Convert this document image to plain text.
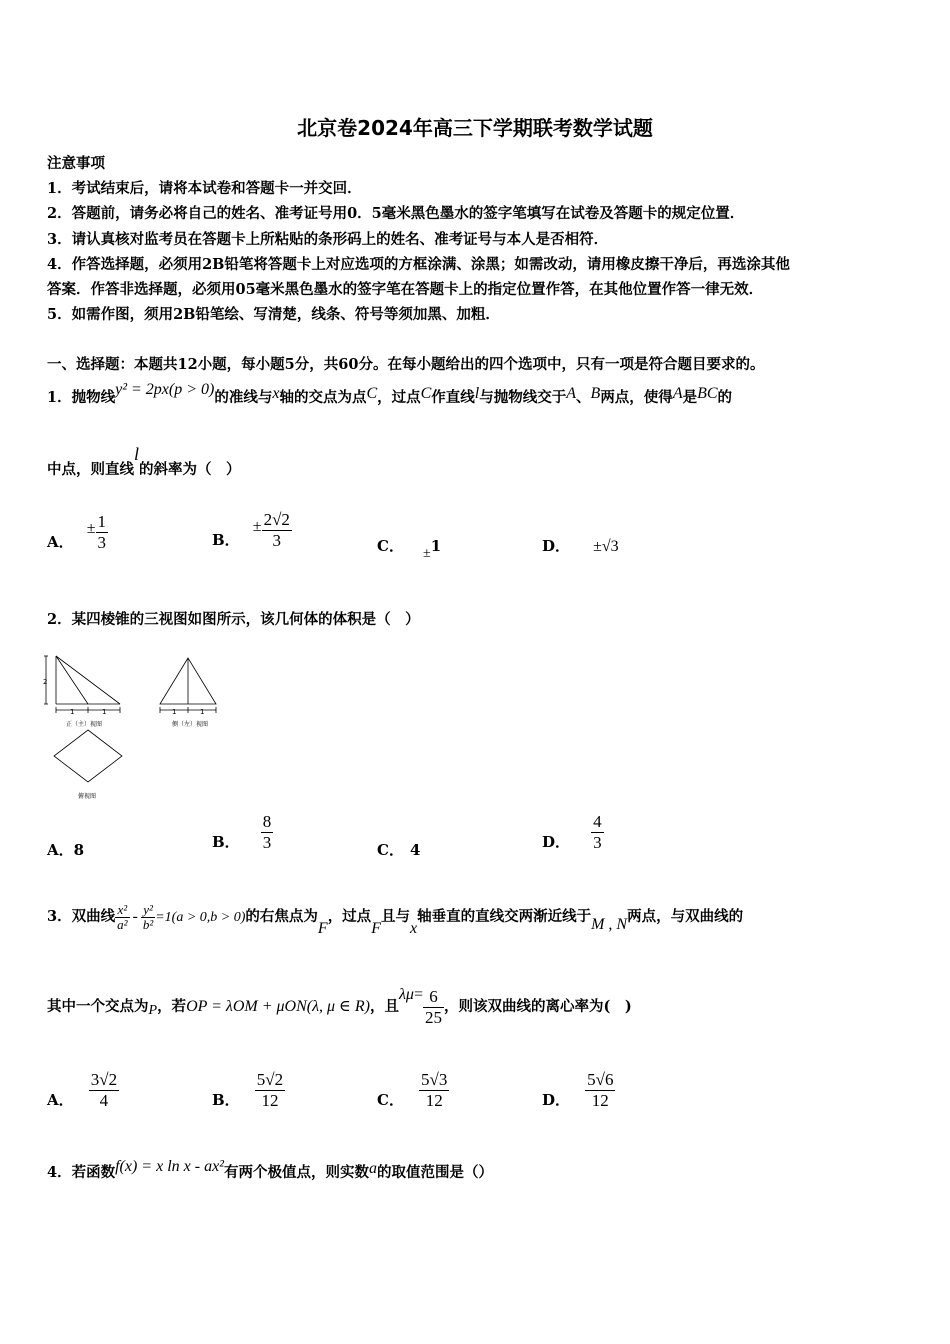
北京卷2024年高三下学期联考数学试题
注意事项
1．考试结束后，请将本试卷和答题卡一并交回．
2．答题前，请务必将自己的姓名、准考证号用0．5毫米黑色墨水的签字笔填写在试卷及答题卡的规定位置．
3．请认真核对监考员在答题卡上所粘贴的条形码上的姓名、准考证号与本人是否相符．
4．作答选择题，必须用2B铅笔将答题卡上对应选项的方框涂满、涂黑；如需改动，请用橡皮擦干净后，再选涂其他
答案．作答非选择题，必须用05毫米黑色墨水的签字笔在答题卡上的指定位置作答，在其他位置作答一律无效．
5．如需作图，须用2B铅笔绘、写清楚，线条、符号等须加黑、加粗．
一、选择题：本题共12小题，每小题5分，共60分。在每小题给出的四个选项中，只有一项是符合题目要求的。
1．抛物线y² = 2px(p > 0)的准线与x轴的交点为点C，过点C作直线l与抛物线交于A、B两点，使得A是BC的
中点，则直线l的斜率为（　）
A． ± $\frac{1}{3}$	B． ± $\frac{2√2}{3}$	C． ±1	D． ±√3
2．某四棱锥的三视图如图所示，该几何体的体积是（　）
2
1	1
正（主）视图
1	1
侧（左）视图
俯视图
A．8	B． $\frac{8}{3}$	C． 4	D． $\frac{4}{3}$
3．双曲线 $\frac{\text{x²}}{\text{a²}} - \frac{\text{y²}}{\text{b²}} =1(a > 0,b > 0)$的右焦点为F，过点F且与x轴垂直的直线交两渐近线于M , N两点，与双曲线的
其中一个交点为P，若OP = λOM + μON(λ, μ ∈ R)，且$\lambda\mu= \frac{6}{25}$ ，则该双曲线的离心率为(　)
A． $\frac{3√2}{4}$	B． $\frac{5√2}{12}$	C． $\frac{5√3}{12}$	D． $\frac{5√6}{12}$
4．若函数f(x) = x ln x - ax²有两个极值点，则实数a的取值范围是（）
